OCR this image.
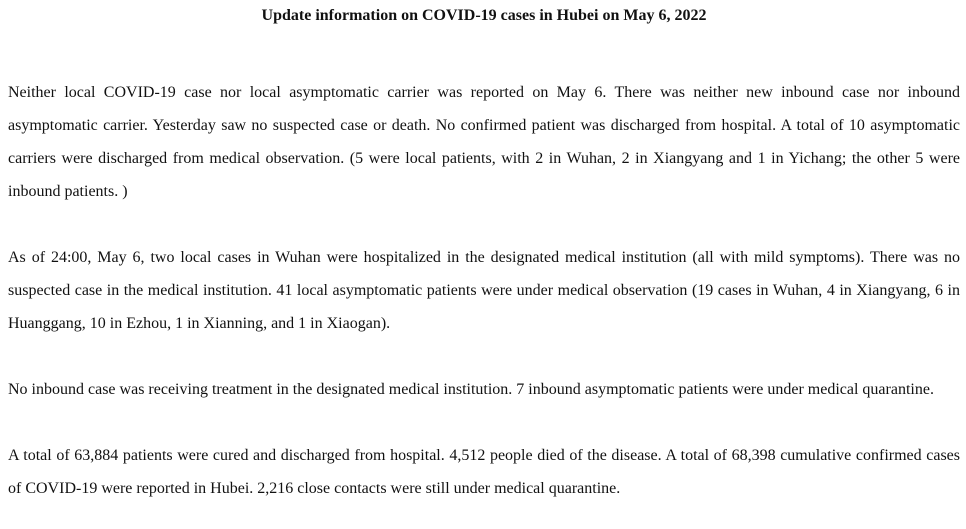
Update information on COVID-19 cases in Hubei on May 6, 2022

Neither local COVID-19 case nor local asymptomatic carrier was reported on May 6. There was neither new inbound case nor inbound asymptomatic carrier. Yesterday saw no suspected case or death. No confirmed patient was discharged from hospital. A total of 10 asymptomatic carriers were discharged from medical observation. (5 were local patients, with 2 in Wuhan, 2 in Xiangyang and 1 in Yichang; the other 5 were inbound patients. )

As of 24:00, May 6, two local cases in Wuhan were hospitalized in the designated medical institution (all with mild symptoms). There was no suspected case in the medical institution. 41 local asymptomatic patients were under medical observation (19 cases in Wuhan, 4 in Xiangyang, 6 in Huanggang, 10 in Ezhou, 1 in Xianning, and 1 in Xiaogan).

No inbound case was receiving treatment in the designated medical institution. 7 inbound asymptomatic patients were under medical quarantine.

A total of 63,884 patients were cured and discharged from hospital. 4,512 people died of the disease. A total of 68,398 cumulative confirmed cases of COVID-19 were reported in Hubei. 2,216 close contacts were still under medical quarantine.
